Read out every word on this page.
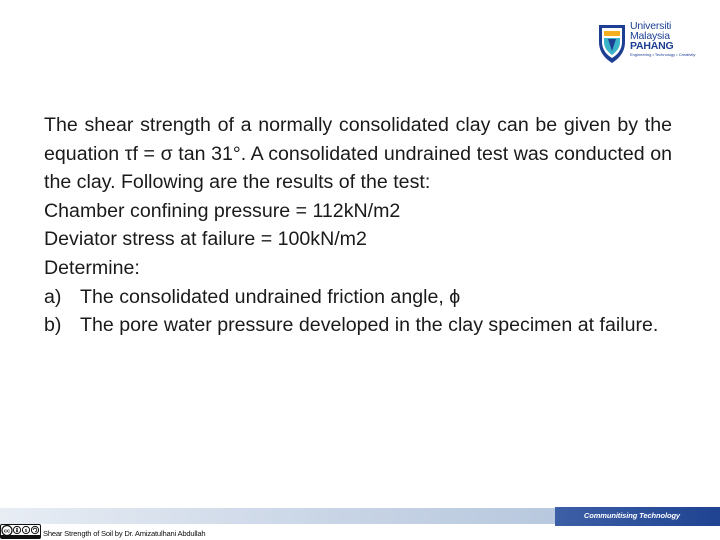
Universiti
Malaysia
PAHANG
Engineering • Technology • Creativity

The shear strength of a normally consolidated clay can be given by the equation τf = σ tan 31°. A consolidated undrained test was conducted on the clay. Following are the results of the test:

Chamber confining pressure = 112kN/m2

Deviator stress at failure = 100kN/m2

Determine:

a) The consolidated undrained friction angle, ϕ
b) The pore water pressure developed in the clay specimen at failure.
Communitising Technology
cc	$ Shear Strength of Soil by Dr. Amizatulhani Abdullah
